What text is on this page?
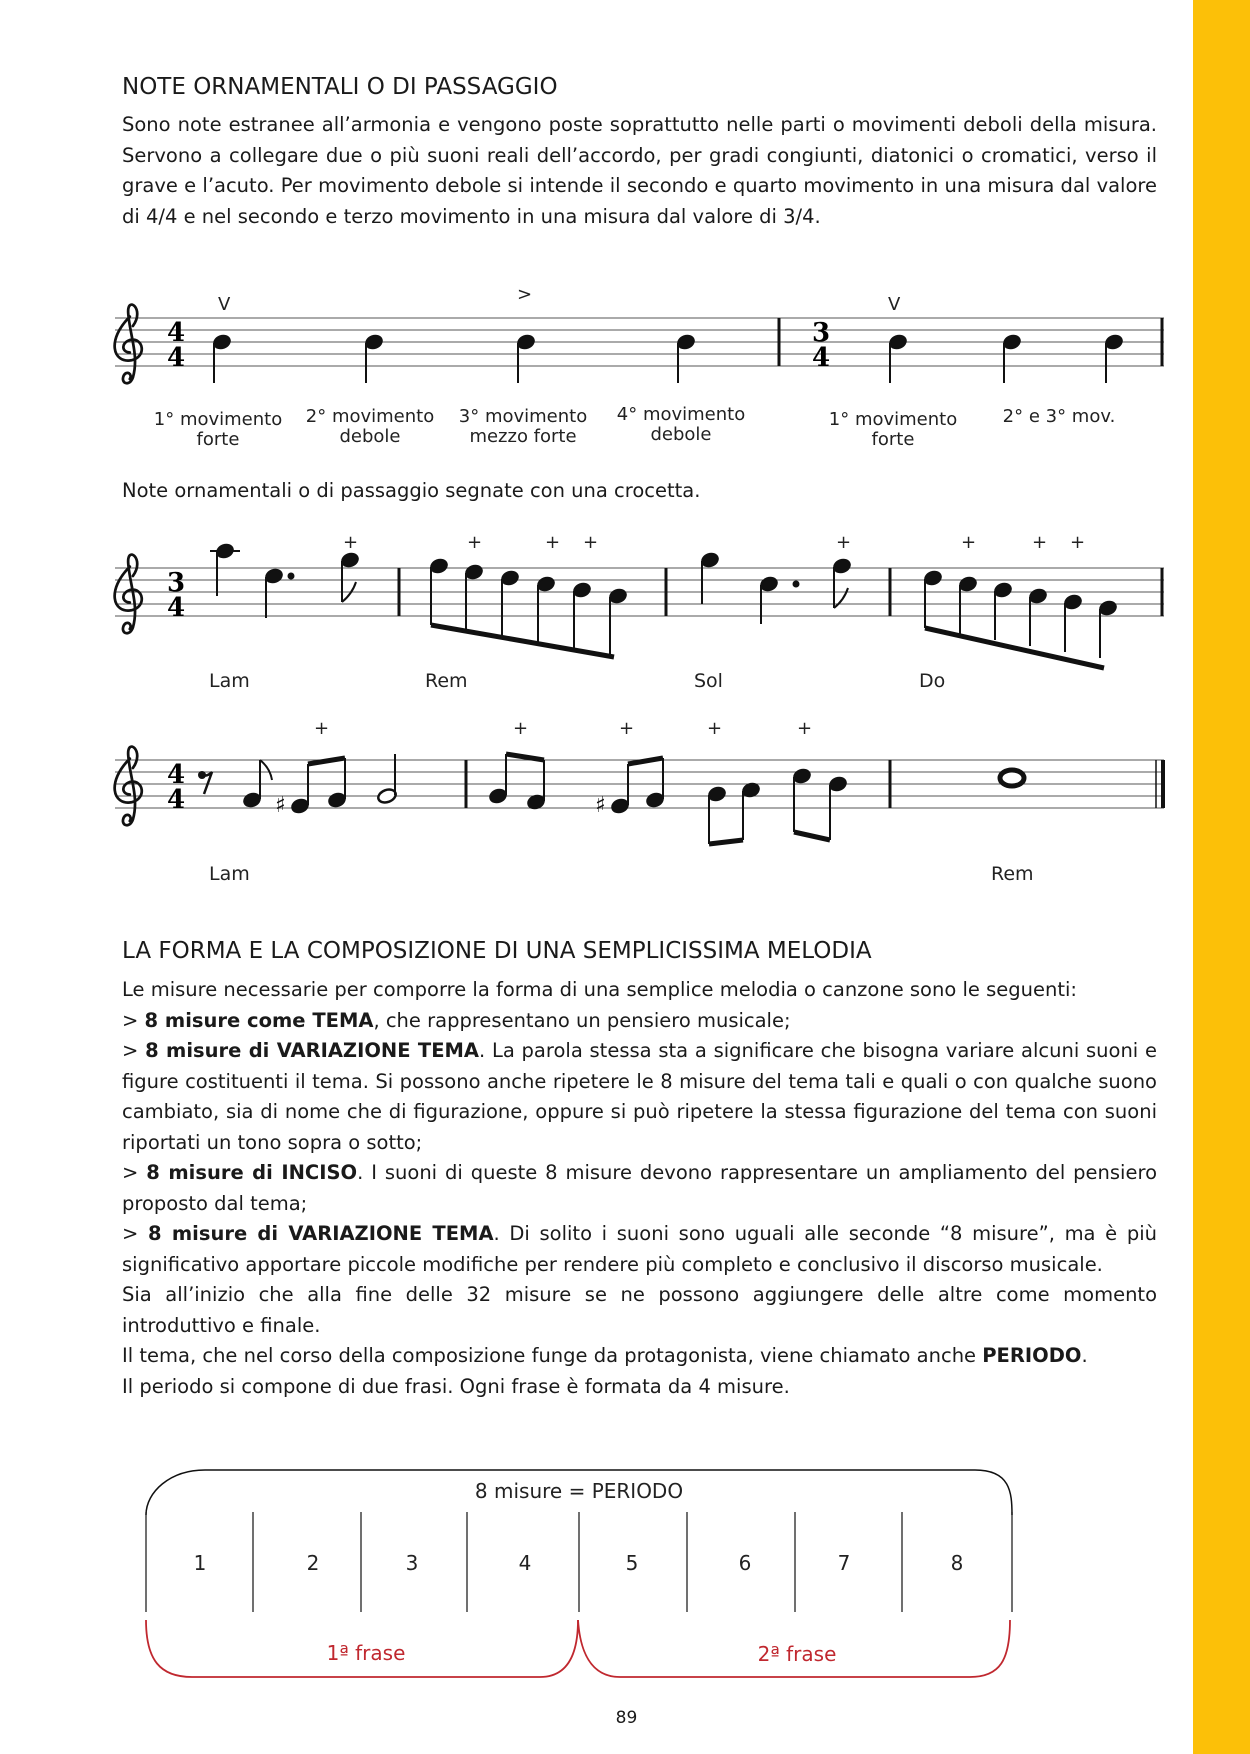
NOTE ORNAMENTALI O DI PASSAGGIO

Sono note estranee all’armonia e vengono poste soprattutto nelle parti o movimenti deboli della misura. Servono a collegare due o più suoni reali dell’accordo, per gradi congiunti, diatonici o cromatici, verso il grave e l’acuto. Per movimento debole si intende il secondo e quarto movimento in una misura dal valore di 4/4 e nel secondo e terzo movimento in una misura dal valore di 3/4.

4
4
3
4
V	>	V
1° movimento
forte
2° movimento
debole
3° movimento
mezzo forte
4° movimento
debole
1° movimento
forte
2° e 3° mov.
3
4
+	+	+ +	+	+	+ +
Lam	Rem	Sol	Do
4
4	♯	♯
+	+	+	+	+
Lam	Rem
8 misure = PERIODO
1	2	3	4	5	6	7	8
1ª frase	2ª frase
Note ornamentali o di passaggio segnate con una crocetta.
LA FORMA E LA COMPOSIZIONE DI UNA SEMPLICISSIMA MELODIA

Le misure necessarie per comporre la forma di una semplice melodia o canzone sono le seguenti:

> 8 misure come TEMA, che rappresentano un pensiero musicale;

> 8 misure di VARIAZIONE TEMA. La parola stessa sta a significare che bisogna variare alcuni suoni e figure costituenti il tema. Si possono anche ripetere le 8 misure del tema tali e quali o con qualche suono cambiato, sia di nome che di figurazione, oppure si può ripetere la stessa figurazione del tema con suoni riportati un tono sopra o sotto;

> 8 misure di INCISO. I suoni di queste 8 misure devono rappresentare un ampliamento del pensiero proposto dal tema;

> 8 misure di VARIAZIONE TEMA. Di solito i suoni sono uguali alle seconde “8 misure”, ma è più significativo apportare piccole modifiche per rendere più completo e conclusivo il discorso musicale.

Sia all’inizio che alla fine delle 32 misure se ne possono aggiungere delle altre come momento introduttivo e finale.

Il tema, che nel corso della composizione funge da protagonista, viene chiamato anche PERIODO.

Il periodo si compone di due frasi. Ogni frase è formata da 4 misure.

89
